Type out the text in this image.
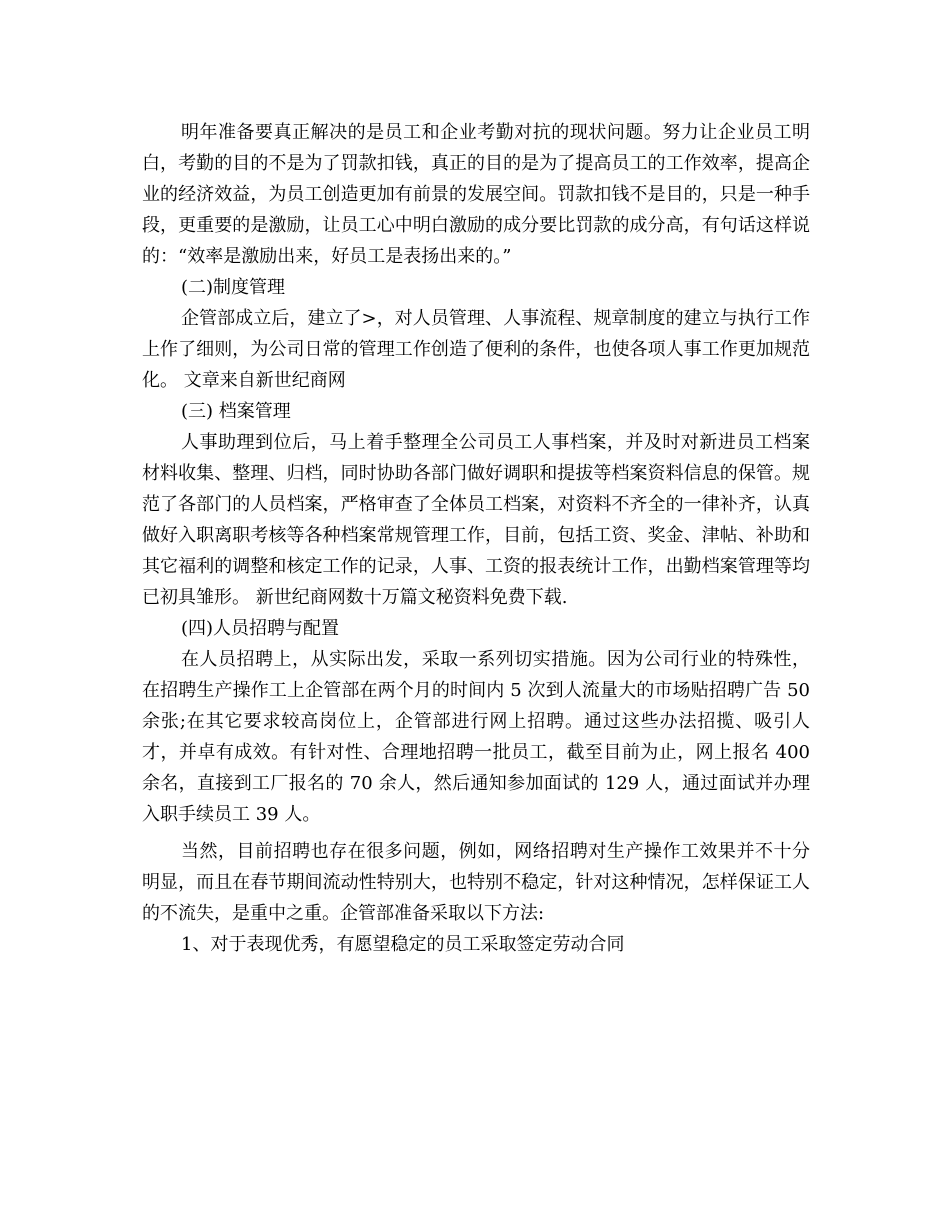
明年准备要真正解决的是员工和企业考勤对抗的现状问题。努力让企业员工明白，考勤的目的不是为了罚款扣钱，真正的目的是为了提高员工的工作效率，提高企业的经济效益，为员工创造更加有前景的发展空间。罚款扣钱不是目的，只是一种手段，更重要的是激励，让员工心中明白激励的成分要比罚款的成分高，有句话这样说的：“效率是激励出来，好员工是表扬出来的。”

(二)制度管理

企管部成立后，建立了>，对人员管理、人事流程、规章制度的建立与执行工作上作了细则，为公司日常的管理工作创造了便利的条件，也使各项人事工作更加规范化。 文章来自新世纪商网

(三) 档案管理

人事助理到位后，马上着手整理全公司员工人事档案，并及时对新进员工档案材料收集、整理、归档，同时协助各部门做好调职和提拔等档案资料信息的保管。规范了各部门的人员档案，严格审查了全体员工档案，对资料不齐全的一律补齐，认真做好入职离职考核等各种档案常规管理工作，目前，包括工资、奖金、津帖、补助和其它福利的调整和核定工作的记录，人事、工资的报表统计工作，出勤档案管理等均已初具雏形。 新世纪商网数十万篇文秘资料免费下载.

(四)人员招聘与配置

在人员招聘上，从实际出发，采取一系列切实措施。因为公司行业的特殊性，在招聘生产操作工上企管部在两个月的时间内 5 次到人流量大的市场贴招聘广告 50 余张;在其它要求较高岗位上，企管部进行网上招聘。通过这些办法招揽、吸引人才，并卓有成效。有针对性、合理地招聘一批员工，截至目前为止，网上报名 400 余名，直接到工厂报名的 70 余人，然后通知参加面试的 129 人，通过面试并办理入职手续员工 39 人。

当然，目前招聘也存在很多问题，例如，网络招聘对生产操作工效果并不十分明显，而且在春节期间流动性特别大，也特别不稳定，针对这种情况，怎样保证工人的不流失，是重中之重。企管部准备采取以下方法:

1、对于表现优秀，有愿望稳定的员工采取签定劳动合同
